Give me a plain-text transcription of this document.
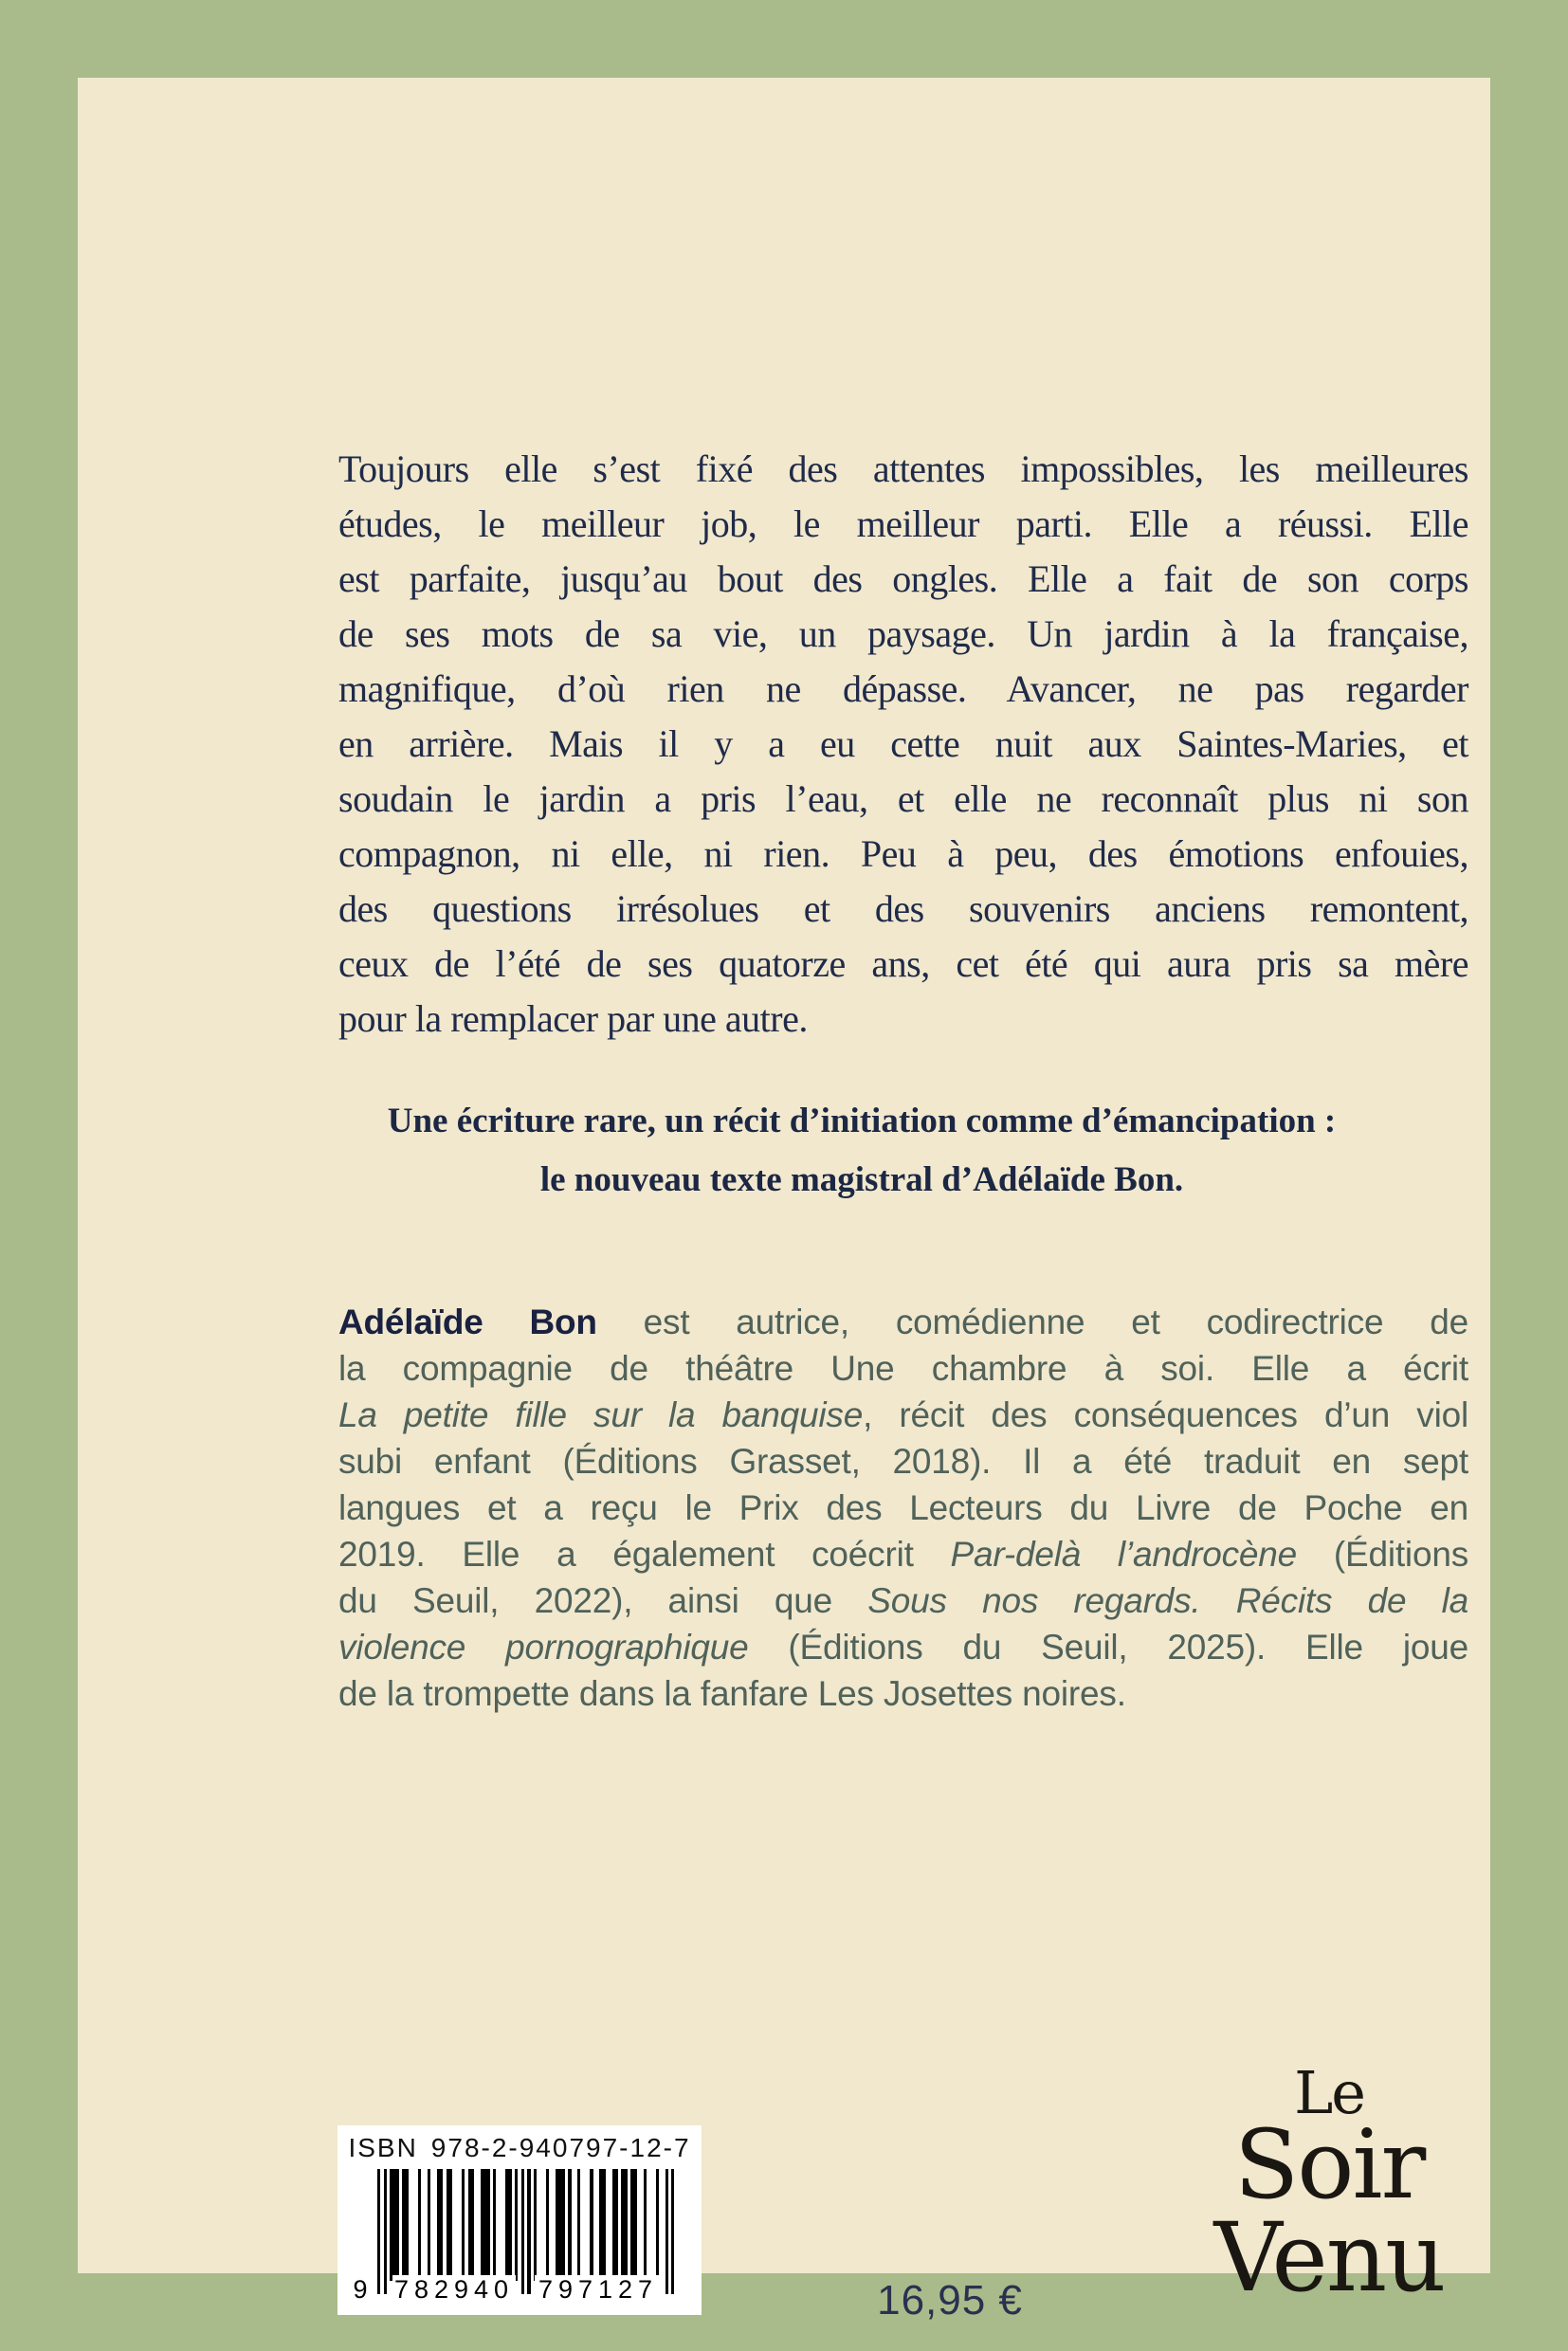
Toujours elle s’est fixé des attentes impossibles, les meilleures
études, le meilleur job, le meilleur parti. Elle a réussi. Elle
est parfaite, jusqu’au bout des ongles. Elle a fait de son corps
de ses mots de sa vie, un paysage. Un jardin à la française,
magnifique, d’où rien ne dépasse. Avancer, ne pas regarder
en arrière. Mais il y a eu cette nuit aux Saintes-Maries, et
soudain le jardin a pris l’eau, et elle ne reconnaît plus ni son
compagnon, ni elle, ni rien. Peu à peu, des émotions enfouies,
des questions irrésolues et des souvenirs anciens remontent,
ceux de l’été de ses quatorze ans, cet été qui aura pris sa mère
pour la remplacer par une autre.
Une écriture rare, un récit d’initiation comme d’émancipation :
le nouveau texte magistral d’Adélaïde Bon.
Adélaïde Bon est autrice, comédienne et codirectrice de
la compagnie de théâtre Une chambre à soi. Elle a écrit
La petite fille sur la banquise, récit des conséquences d’un viol
subi enfant (Éditions Grasset, 2018). Il a été traduit en sept
langues et a reçu le Prix des Lecteurs du Livre de Poche en
2019. Elle a également coécrit Par-delà l’androcène (Éditions
du Seuil, 2022), ainsi que Sous nos regards. Récits de la
violence pornographique (Éditions du Seuil, 2025). Elle joue
de la trompette dans la fanfare Les Josettes noires.
ISBN 978-2-940797-12-7
9 782940 797127	16,95 €
Le
Soir
Venu
